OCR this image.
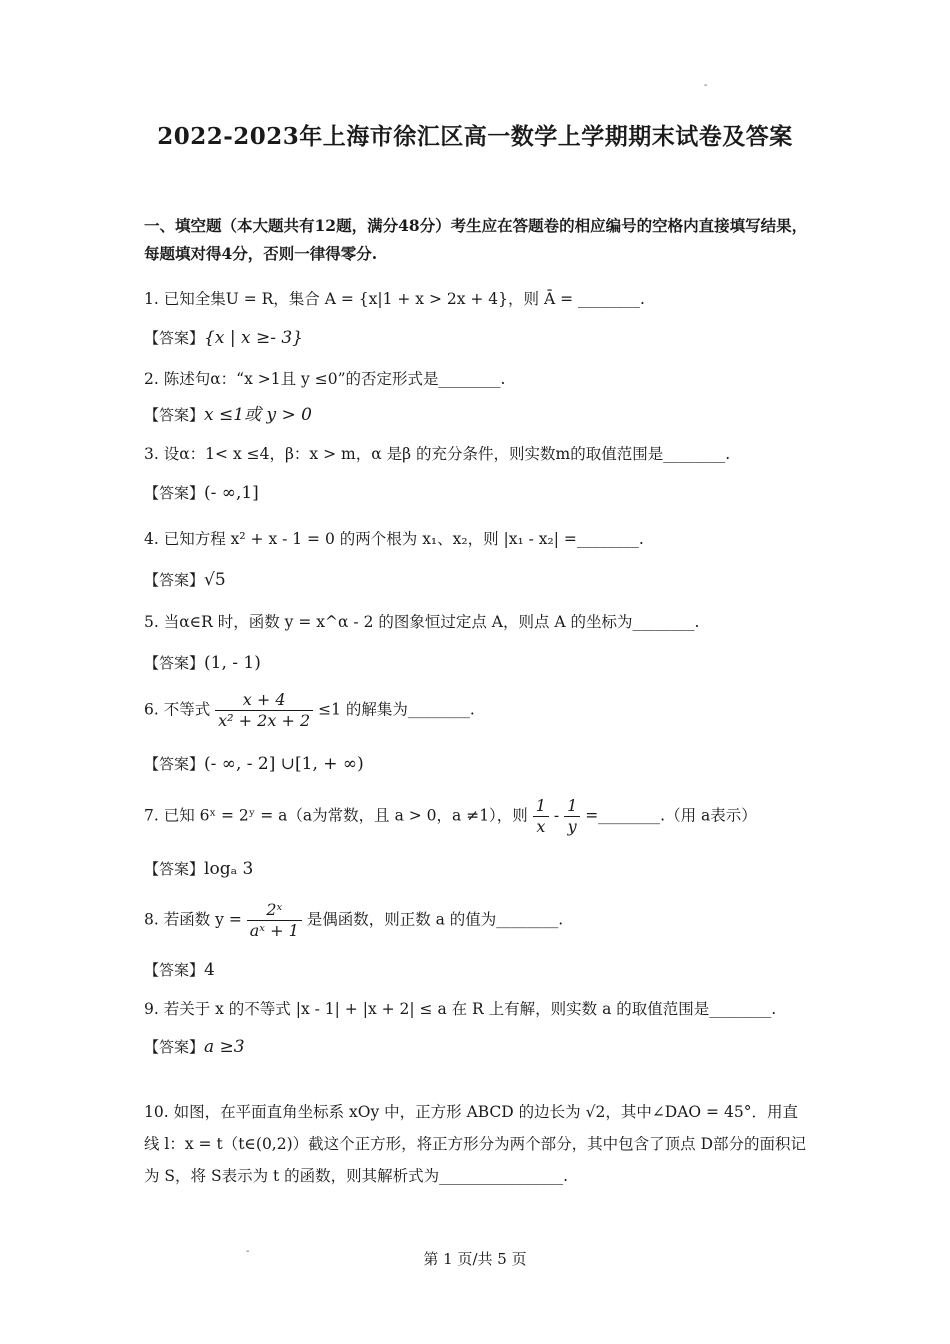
-
2022-2023年上海市徐汇区高一数学上学期期末试卷及答案
一、填空题（本大题共有12题，满分48分）考生应在答题卷的相应编号的空格内直接填写结果，每题填对得4分，否则一律得零分.
1. 已知全集U = R，集合 A = {x|1 + x > 2x + 4}，则 Ā = ________.
【答案】{x | x ≥- 3}
2. 陈述句α：“x >1且 y ≤0”的否定形式是________.
【答案】x ≤1或 y > 0
3. 设α：1< x ≤4，β：x > m，α 是β 的充分条件，则实数m的取值范围是________.
【答案】(- ∞,1]
4. 已知方程 x² + x - 1 = 0 的两个根为 x₁、x₂，则 |x₁ - x₂| =________.
【答案】√5
5. 当α∈R 时，函数 y = x^α - 2 的图象恒过定点 A，则点 A 的坐标为________.
【答案】(1, - 1)
6. 不等式 $\frac{x + 4}{\text{x² + 2x + 2}} \le 1$ 的解集为________.
【答案】(- ∞, - 2] ∪[1, + ∞)
7. 已知 6ˣ = 2ʸ = a（a为常数，且 a > 0，a ≠1），则 $\frac{1}{x} - \frac{1}{y}$ =________.（用 a表示）
【答案】logₐ 3
8. 若函数 $y = \frac{\text{2ˣ}}{\text{aˣ + 1}}$ 是偶函数，则正数 a 的值为________.
【答案】4
9. 若关于 x 的不等式 |x - 1| + |x + 2| ≤ a 在 R 上有解，则实数 a 的取值范围是________.
【答案】a ≥3
10. 如图，在平面直角坐标系 xOy 中，正方形 ABCD 的边长为 √2，其中∠DAO = 45°．用直线 l：x = t（t∈(0,2)）截这个正方形，将正方形分为两个部分，其中包含了顶点 D部分的面积记为 S，将 S表示为 t 的函数，则其解析式为________________.
-	第 1 页/共 5 页
